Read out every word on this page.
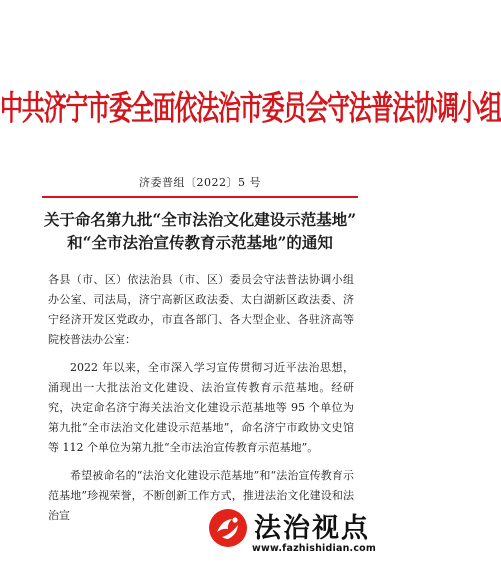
中共济宁市委全面依法治市委员会守法普法协调小组
济委普组〔2022〕5 号
关于命名第九批“全市法治文化建设示范基地”
和“全市法治宣传教育示范基地”的通知

各县（市、区）依法治县（市、区）委员会守法普法协调小组办公室、司法局，济宁高新区政法委、太白湖新区政法委、济宁经济开发区党政办，市直各部门、各大型企业、各驻济高等院校普法办公室：

2022 年以来，全市深入学习宣传贯彻习近平法治思想，涌现出一大批法治文化建设、法治宣传教育示范基地。经研究，决定命名济宁海关法治文化建设示范基地等 95 个单位为第九批“全市法治文化建设示范基地”，命名济宁市政协文史馆等 112 个单位为第九批“全市法治宣传教育示范基地”。

希望被命名的“法治文化建设示范基地”和“法治宣传教育示范基地”珍视荣誉，不断创新工作方式，推进法治文化建设和法治宣	法治视点
www.fazhishidian.com
